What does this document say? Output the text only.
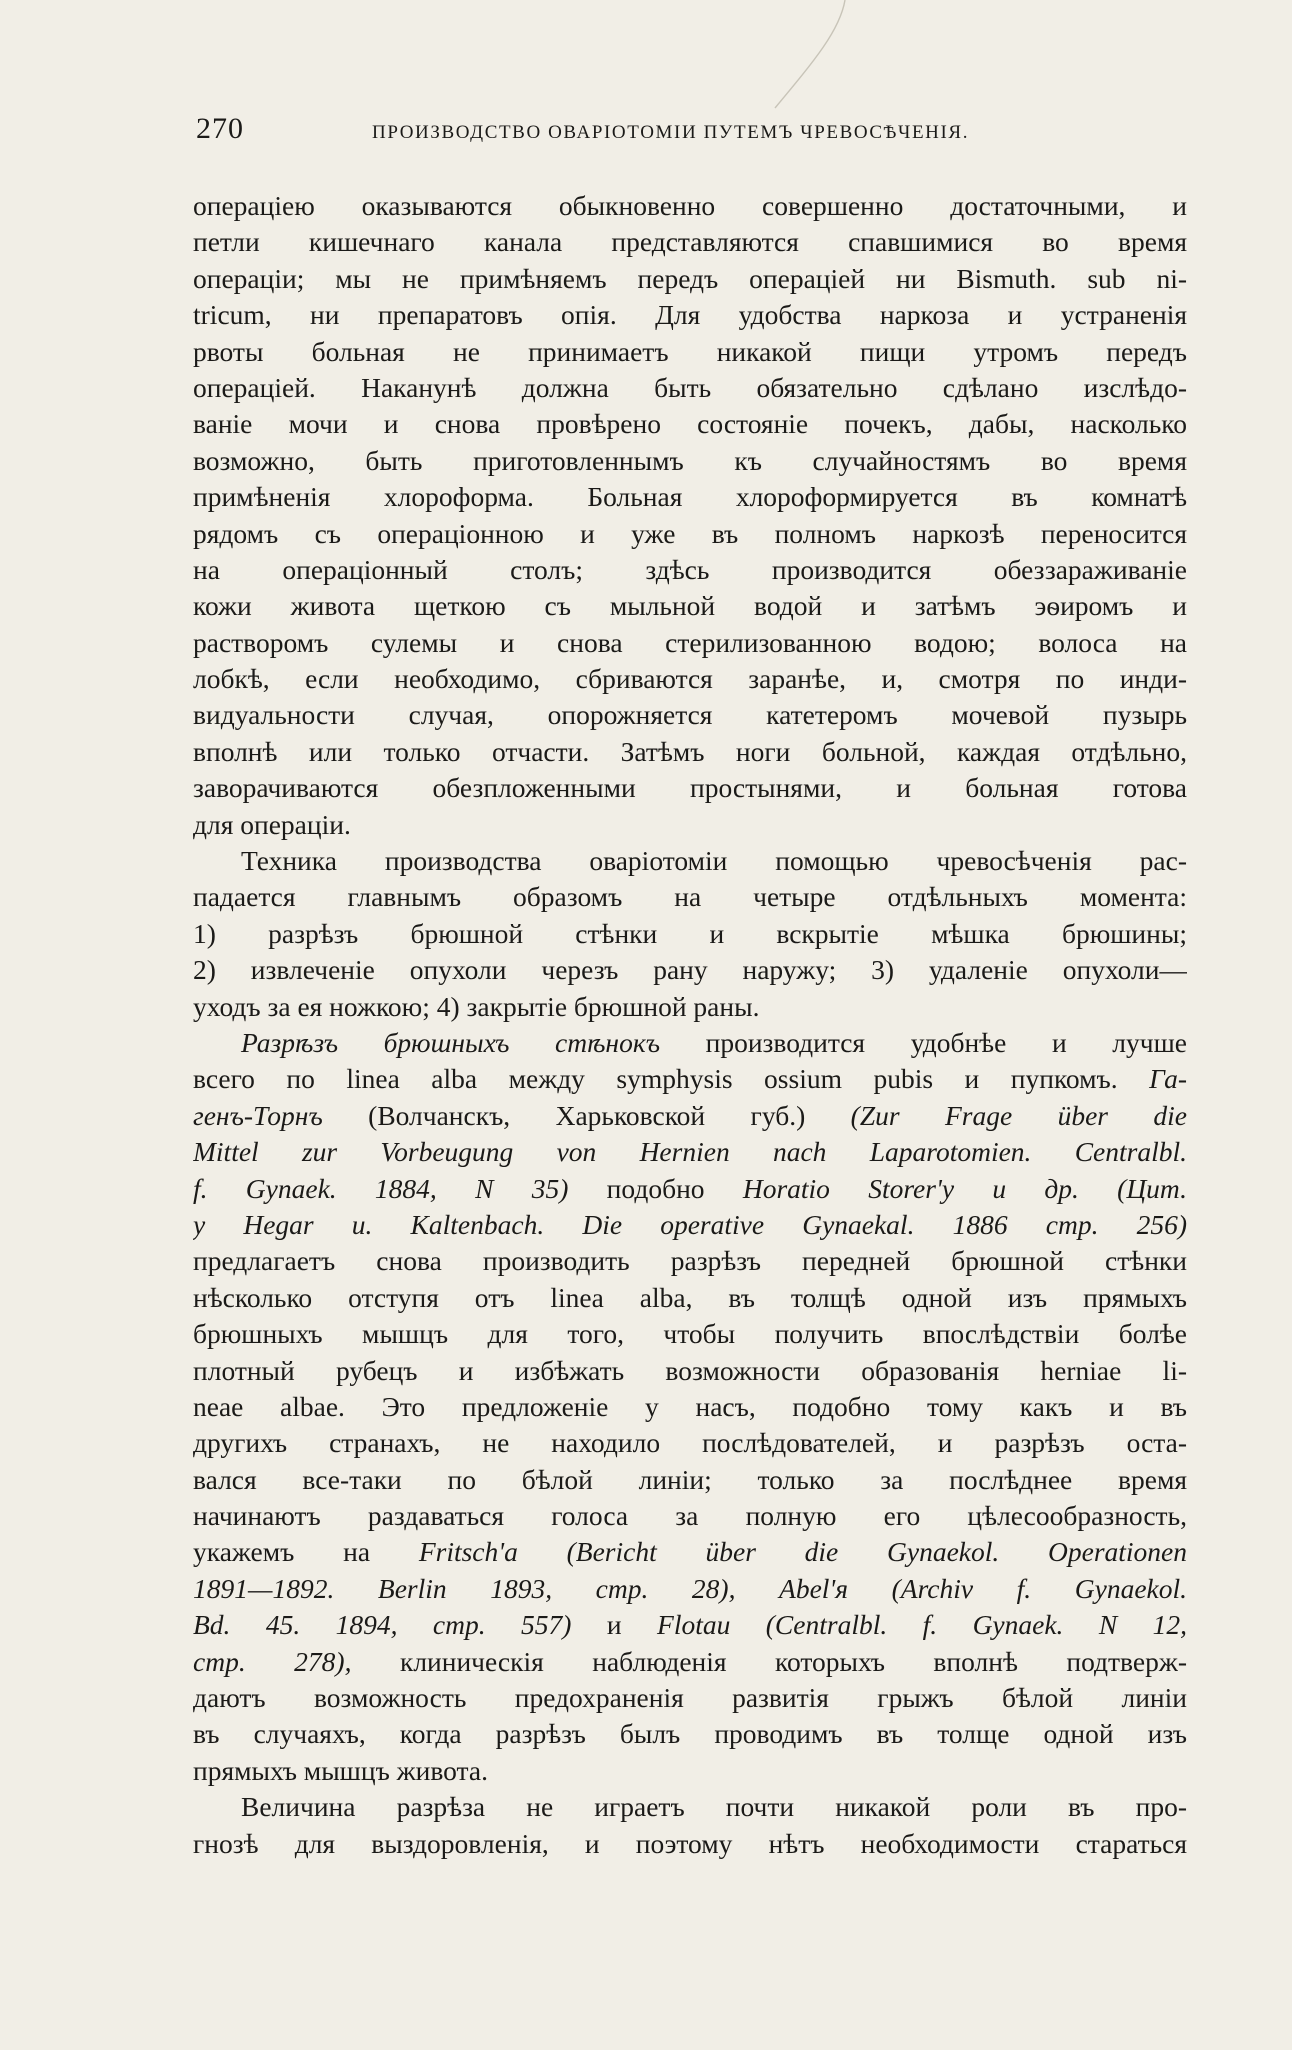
270	ПРОИЗВОДСТВО ОВАРІОТОМІИ ПУТЕМЪ ЧРЕВОСѢЧЕНІЯ.
операціею оказываются обыкновенно совершенно достаточными, и
петли кишечнаго канала представляются спавшимися во время
операціи; мы не примѣняемъ передъ операціей ни Bismuth. sub ni-
tricum, ни препаратовъ опія. Для удобства наркоза и устраненія
рвоты больная не принимаетъ никакой пищи утромъ передъ
операціей. Наканунѣ должна быть обязательно сдѣлано изслѣдо-
ваніе мочи и снова провѣрено состояніе почекъ, дабы, насколько
возможно, быть приготовленнымъ къ случайностямъ во время
примѣненія хлороформа. Больная хлороформируется въ комнатѣ
рядомъ съ операціонною и уже въ полномъ наркозѣ переносится
на операціонный столъ; здѣсь производится обеззараживаніе
кожи живота щеткою съ мыльной водой и затѣмъ эѳиромъ и
растворомъ сулемы и снова стерилизованною водою; волоса на
лобкѣ, если необходимо, сбриваются заранѣе, и, смотря по инди-
видуальности случая, опорожняется катетеромъ мочевой пузырь
вполнѣ или только отчасти. Затѣмъ ноги больной, каждая отдѣльно,
заворачиваются обезпложенными простынями, и больная готова
для операціи.
Техника производства оваріотоміи помощью чревосѣченія рас-
падается главнымъ образомъ на четыре отдѣльныхъ момента:
1) разрѣзъ брюшной стѣнки и вскрытіе мѣшка брюшины;
2) извлеченіе опухоли черезъ рану наружу; 3) удаленіе опухоли—
уходъ за ея ножкою; 4) закрытіе брюшной раны.
Разрѣзъ брюшныхъ стѣнокъ производится удобнѣе и лучше
всего по linea alba между symphysis ossium pubis и пупкомъ. Га-
генъ-Торнъ (Волчанскъ, Харьковской губ.) (Zur Frage über die
Mittel zur Vorbeugung von Hernien nach Laparotomien. Centralbl.
f. Gynaek. 1884, N 35) подобно Horatio Storer'у и др. (Цит.
у Hegar u. Kaltenbach. Die operative Gynaekal. 1886 стр. 256)
предлагаетъ снова производить разрѣзъ передней брюшной стѣнки
нѣсколько отступя отъ linea alba, въ толщѣ одной изъ прямыхъ
брюшныхъ мышцъ для того, чтобы получить впослѣдствіи болѣе
плотный рубецъ и избѣжать возможности образованія herniae li-
neae albae. Это предложеніе у насъ, подобно тому какъ и въ
другихъ странахъ, не находило послѣдователей, и разрѣзъ оста-
вался все-таки по бѣлой линіи; только за послѣднее время
начинаютъ раздаваться голоса за полную его цѣлесообразность,
укажемъ на Fritsch'а (Bericht über die Gynaekol. Operationen
1891—1892. Berlin 1893, стр. 28), Abel'я (Archiv f. Gynaekol.
Bd. 45. 1894, стр. 557) и Flotau (Centralbl. f. Gynaek. N 12,
стр. 278), клиническія наблюденія которыхъ вполнѣ подтверж-
даютъ возможность предохраненія развитія грыжъ бѣлой линіи
въ случаяхъ, когда разрѣзъ былъ проводимъ въ толще одной изъ
прямыхъ мышцъ живота.
Величина разрѣза не играетъ почти никакой роли въ про-
гнозѣ для выздоровленія, и поэтому нѣтъ необходимости стараться
